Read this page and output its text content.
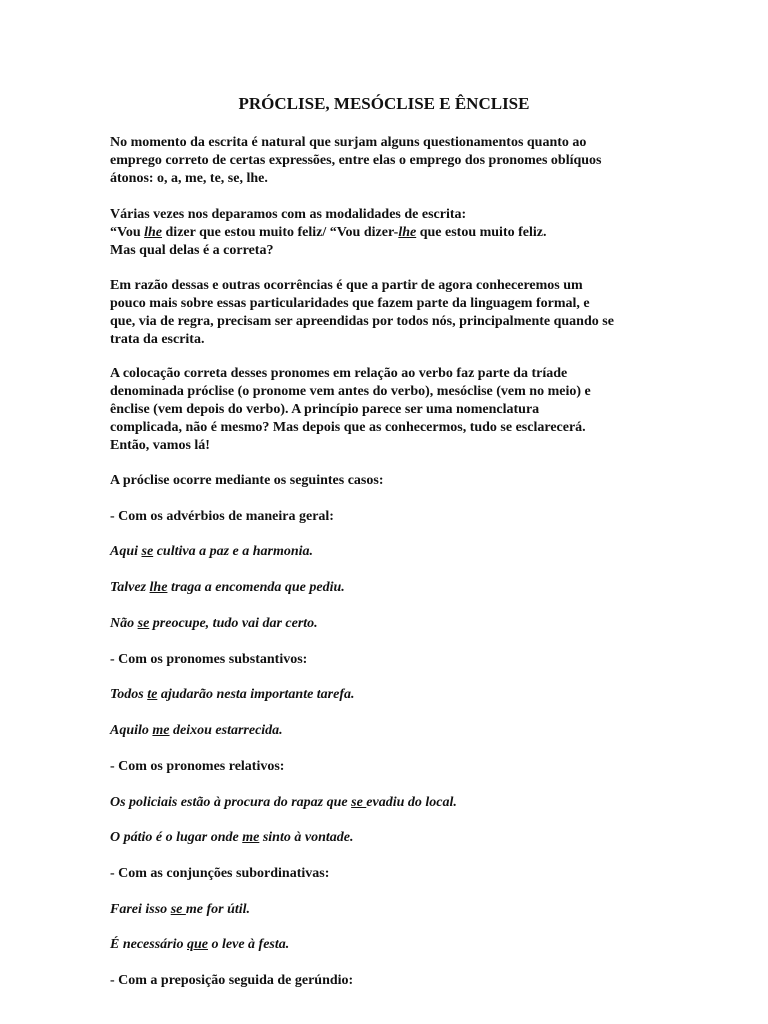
PRÓCLISE, MESÓCLISE E ÊNCLISE
No momento da escrita é natural que surjam alguns questionamentos quanto ao
emprego correto de certas expressões, entre elas o emprego dos pronomes oblíquos
átonos: o, a, me, te, se, lhe.
Várias vezes nos deparamos com as modalidades de escrita:
“Vou lhe dizer que estou muito feliz/ “Vou dizer-lhe que estou muito feliz.
Mas qual delas é a correta?
Em razão dessas e outras ocorrências é que a partir de agora conheceremos um
pouco mais sobre essas particularidades que fazem parte da linguagem formal, e
que, via de regra, precisam ser apreendidas por todos nós, principalmente quando se
trata da escrita.
A colocação correta desses pronomes em relação ao verbo faz parte da tríade
denominada próclise (o pronome vem antes do verbo), mesóclise (vem no meio) e
ênclise (vem depois do verbo). A princípio parece ser uma nomenclatura
complicada, não é mesmo? Mas depois que as conhecermos, tudo se esclarecerá.
Então, vamos lá!
A próclise ocorre mediante os seguintes casos:
- Com os advérbios de maneira geral:
Aqui se cultiva a paz e a harmonia.
Talvez lhe traga a encomenda que pediu.
Não se preocupe, tudo vai dar certo.
- Com os pronomes substantivos:
Todos te ajudarão nesta importante tarefa.
Aquilo me deixou estarrecida.
- Com os pronomes relativos:
Os policiais estão à procura do rapaz que se evadiu do local.
O pátio é o lugar onde me sinto à vontade.
- Com as conjunções subordinativas:
Farei isso se me for útil.
É necessário que o leve à festa.
- Com a preposição seguida de gerúndio:
